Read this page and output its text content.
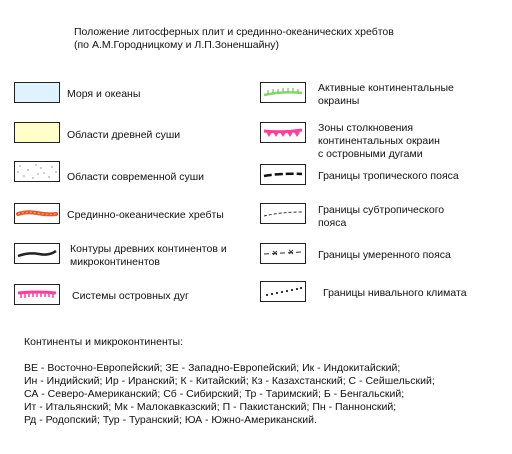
Положение литосферных плит и срединно-океанических хребтов
(по А.М.Городницкому и Л.П.Зоненшайну)
Моря и океаны
Области древней суши
Области современной суши
Срединно-океанические хребты
Контуры древних континентов и
микроконтинентов
Системы островных дуг
Активные континентальные
окраины
Зоны столкновения
континентальных окраин
с островными дугами
Границы тропического пояса
Границы субтропического
пояса
Границы умеренного пояса
Границы нивального климата
Континенты и микроконтиненты:
ВЕ - Восточно-Европейский; ЗЕ - Западно-Европейский; Ик - Индокитайский;
Ин - Индийский; Ир - Иранский; К - Китайский; Кз - Казахстанский; С - Сейшельский;
СА - Северо-Американский; Сб - Сибирский; Тр - Таримский; Б - Бенгальский;
Ит - Итальянский; Мк - Малокавказский; П - Пакистанский; Пн - Паннонский;
Рд - Родопский; Тур - Туранский; ЮА - Южно-Американский.
